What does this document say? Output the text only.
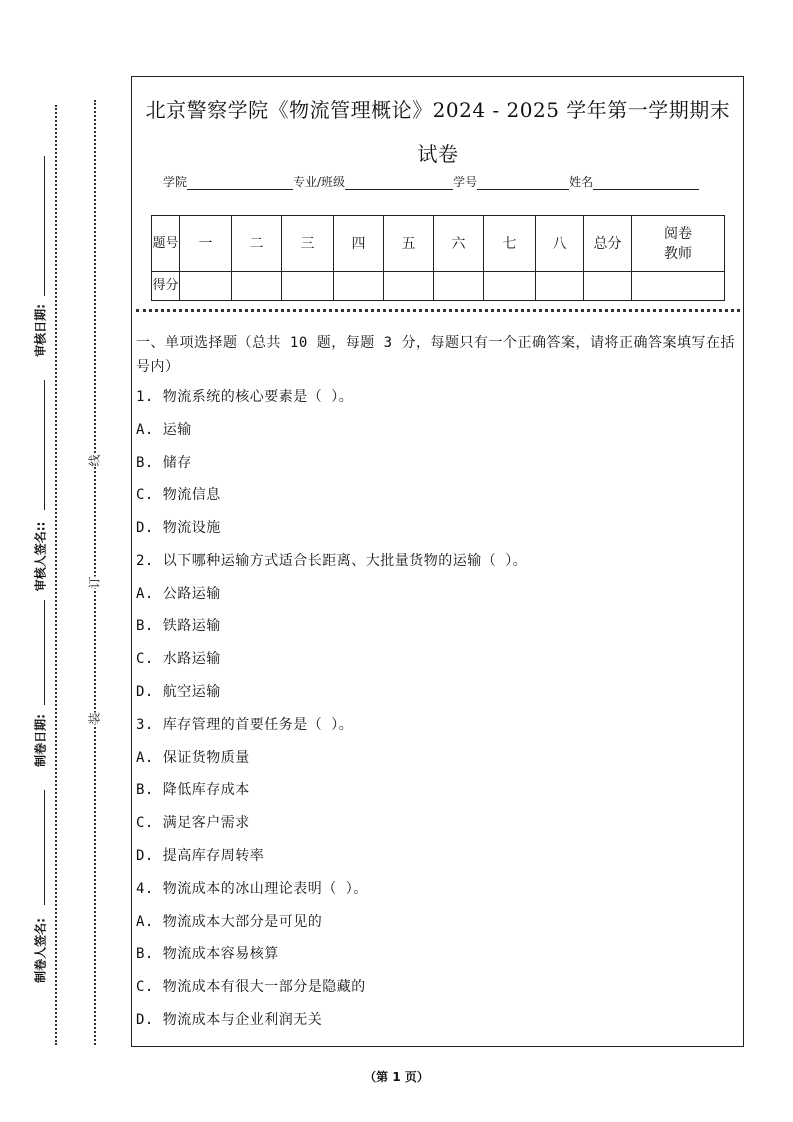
审核日期:
审核人签名::
制卷日期:
制卷人签名:
线
订
装
北京警察学院《物流管理概论》2024 - 2025 学年第一学期期末试卷
学院	专业/班级	学号	姓名
题号	一	二	三	四	五	六	七	八	总分	阅卷教师
得分										
一、单项选择题（总共 10 题，每题 3 分，每题只有一个正确答案，请将正确答案填写在括号内）
1. 物流系统的核心要素是（ ）。
A. 运输
B. 储存
C. 物流信息
D. 物流设施
2. 以下哪种运输方式适合长距离、大批量货物的运输（ ）。
A. 公路运输
B. 铁路运输
C. 水路运输
D. 航空运输
3. 库存管理的首要任务是（ ）。
A. 保证货物质量
B. 降低库存成本
C. 满足客户需求
D. 提高库存周转率
4. 物流成本的冰山理论表明（ ）。
A. 物流成本大部分是可见的
B. 物流成本容易核算
C. 物流成本有很大一部分是隐藏的
D. 物流成本与企业利润无关
（第 1 页）
